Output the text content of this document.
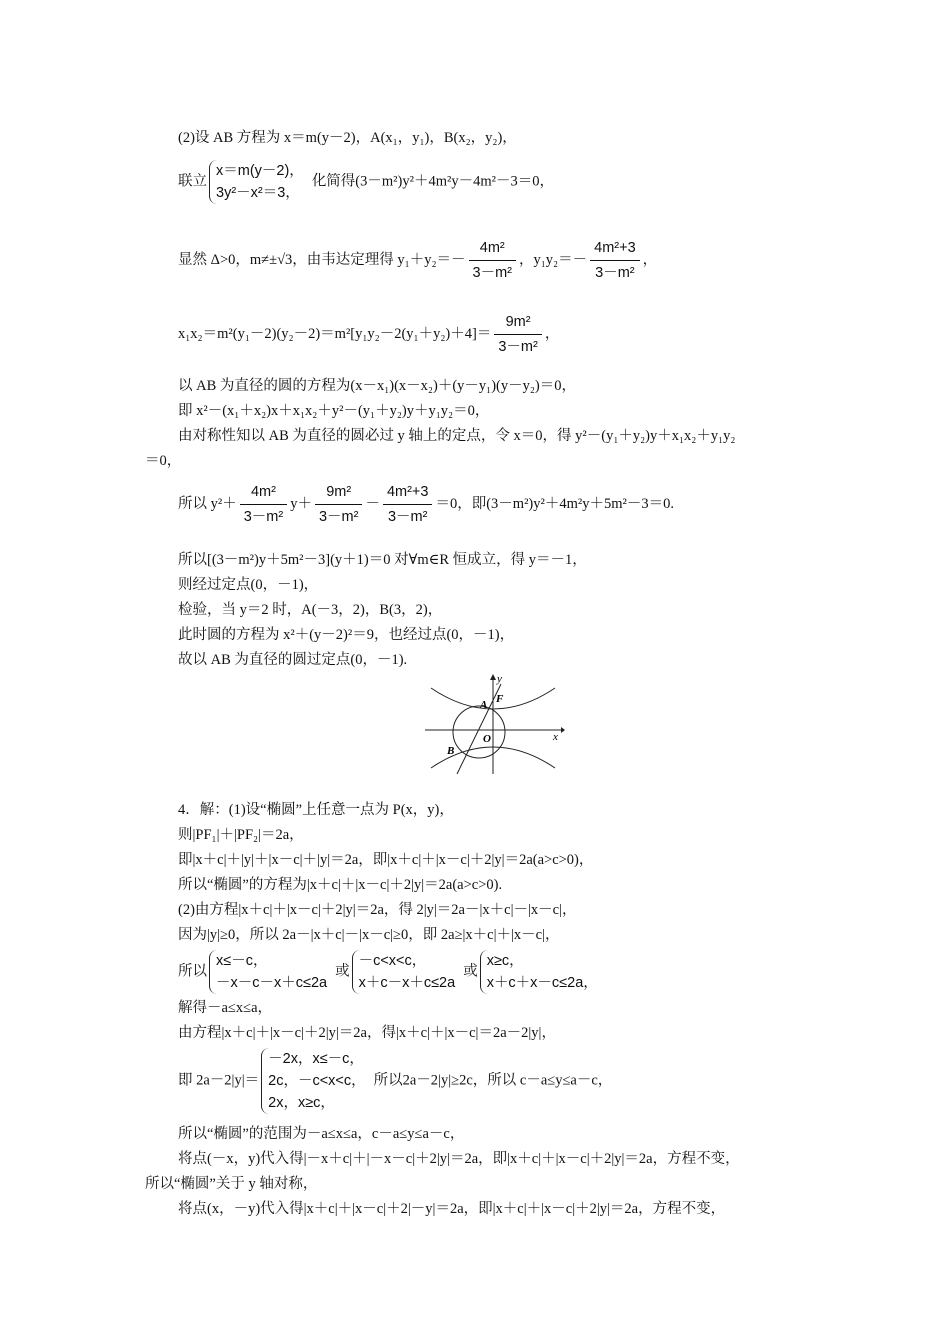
(2)设 AB 方程为 x＝m(y－2)，A(x₁，y₁)，B(x₂，y₂)，
联立
x＝m(y－2)，
3y²－x²＝3，
化简得(3－m²)y²＋4m²y－4m²－3＝0，
显然 Δ>0，m≠±√3，由韦达定理得 $y_1+y_2=- \frac{\text{4m²}}{\text{3－m²}}$ ，$y_1y_2=- \frac{\text{4m²+3}}{\text{3－m²}}$ ，
$x_1x_2=m^2(y_1-2)(y_2-2)=m^2[y_1y_2-2(y_1+y_2)+4]= \frac{\text{9m²}}{\text{3－m²}}$ ，
以 AB 为直径的圆的方程为(x－x₁)(x－x₂)＋(y－y₁)(y－y₂)＝0，
即 x²－(x₁＋x₂)x＋x₁x₂＋y²－(y₁＋y₂)y＋y₁y₂＝0，
由对称性知以 AB 为直径的圆必过 y 轴上的定点，令 x＝0，得 y²－(y₁＋y₂)y＋x₁x₂＋y₁y₂
＝0，
所以 $y^2+ \frac{\text{4m²}}{\text{3－m²}} y+ \frac{\text{9m²}}{\text{3－m²}} - \frac{\text{4m²+3}}{\text{3－m²}} =0$，即(3－m²)y²＋4m²y＋5m²－3＝0.
所以[(3－m²)y＋5m²－3](y＋1)＝0 对∀m∈R 恒成立，得 y＝－1，
则经过定点(0，－1)，
检验，当 y＝2 时，A(－3，2)，B(3，2)，
此时圆的方程为 x²＋(y－2)²＝9，也经过点(0，－1)，
故以 AB 为直径的圆过定点(0，－1).
y
x
A F
O
B
4．解：(1)设“椭圆”上任意一点为 P(x，y)，
则|PF₁|＋|PF₂|＝2a，
即|x＋c|＋|y|＋|x－c|＋|y|＝2a，即|x＋c|＋|x－c|＋2|y|＝2a(a>c>0)，
所以“椭圆”的方程为|x＋c|＋|x－c|＋2|y|＝2a(a>c>0).
(2)由方程|x＋c|＋|x－c|＋2|y|＝2a，得 2|y|＝2a－|x＋c|－|x－c|，
因为|y|≥0，所以 2a－|x＋c|－|x－c|≥0，即 2a≥|x＋c|＋|x－c|，
所以
x≤－c，
－x－c－x＋c≤2a
或
－c<x<c，
x＋c－x＋c≤2a
或
x≥c，
x＋c＋x－c≤2a，
解得－a≤x≤a，
由方程|x＋c|＋|x－c|＋2|y|＝2a，得|x＋c|＋|x－c|＝2a－2|y|，
即 2a－2|y|＝
－2x，x≤－c，
2c，－c<x<c，
2x，x≥c，
所以2a－2|y|≥2c，所以 c－a≤y≤a－c，
所以“椭圆”的范围为－a≤x≤a，c－a≤y≤a－c，
将点(－x，y)代入得|－x＋c|＋|－x－c|＋2|y|＝2a，即|x＋c|＋|x－c|＋2|y|＝2a，方程不变，
所以“椭圆”关于 y 轴对称，
将点(x，－y)代入得|x＋c|＋|x－c|＋2|－y|＝2a，即|x＋c|＋|x－c|＋2|y|＝2a，方程不变，
